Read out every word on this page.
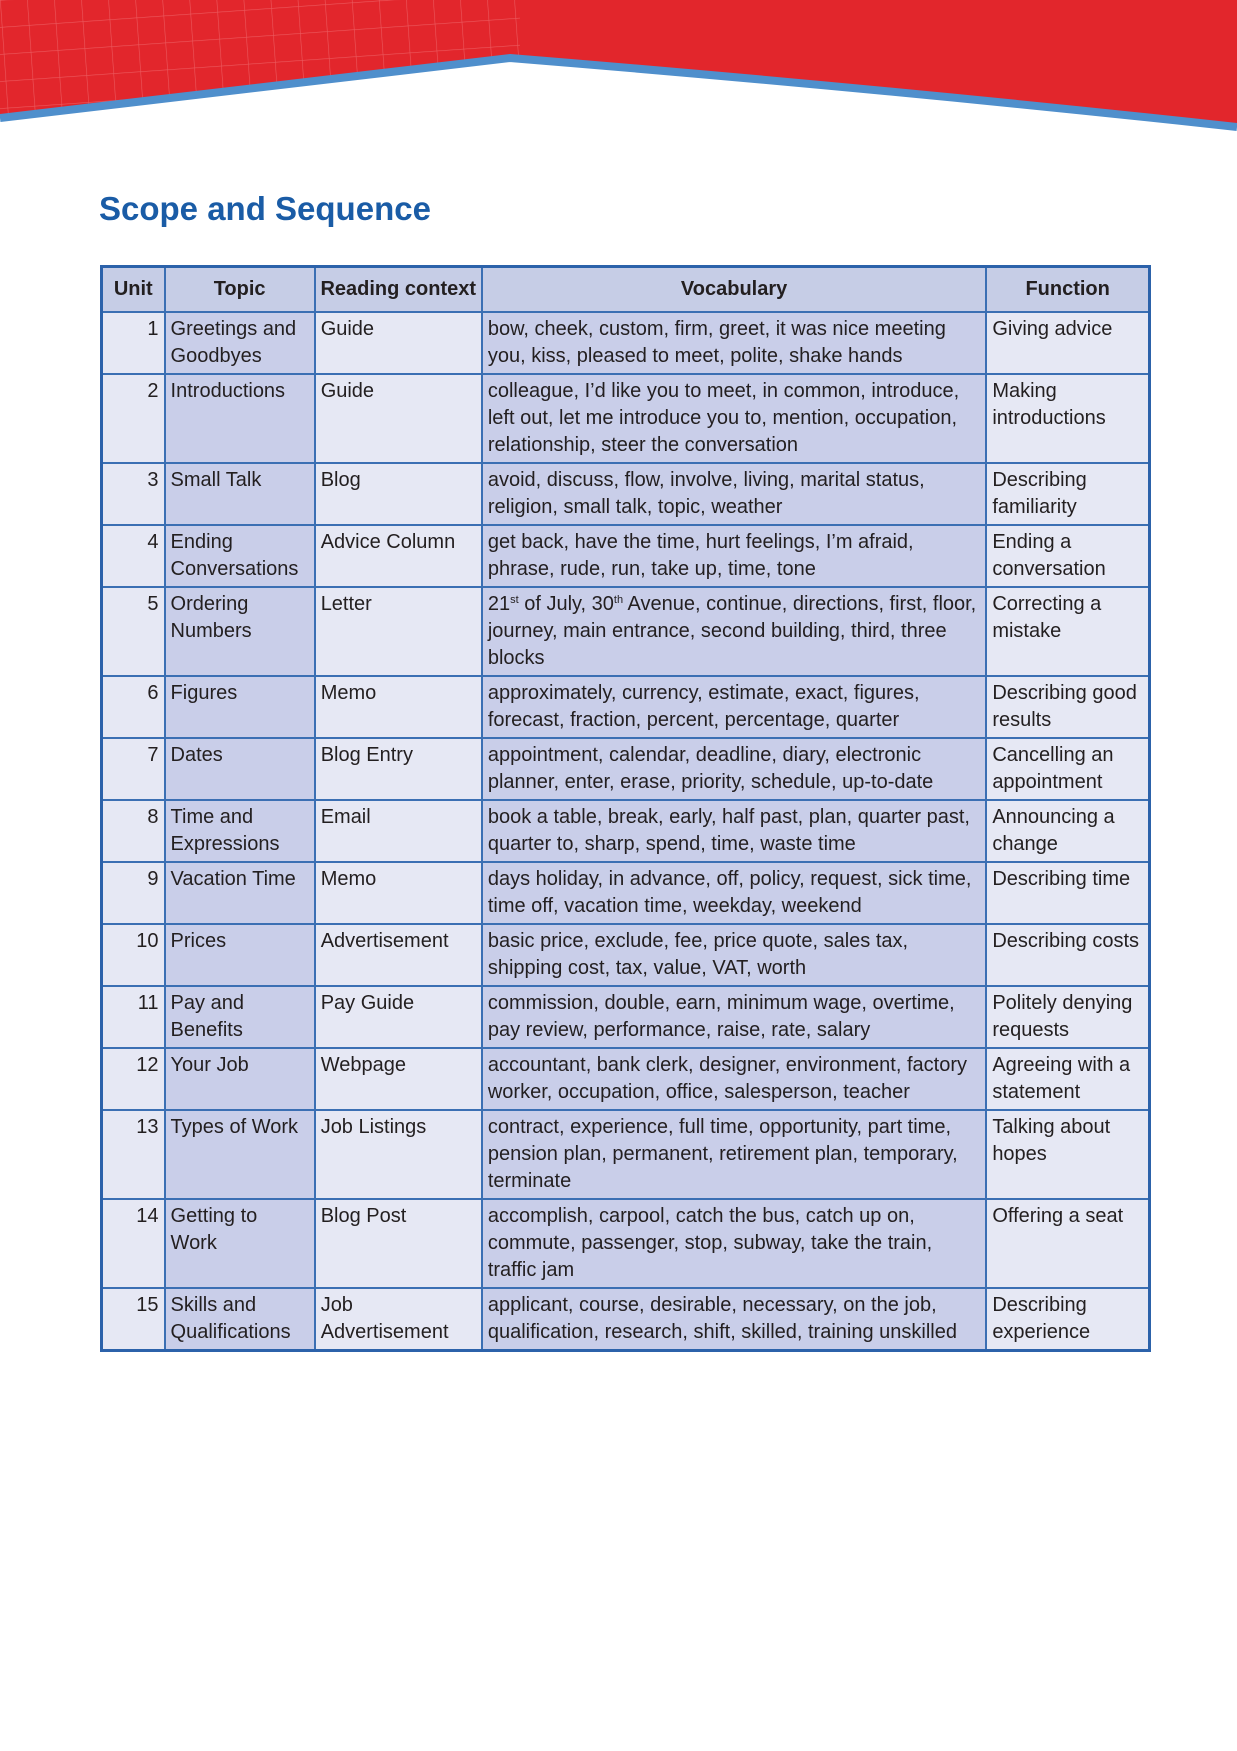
Scope and Sequence
Unit	Topic	Reading context	Vocabulary	Function
1	Greetings and Goodbyes	Guide	bow, cheek, custom, firm, greet, it was nice meeting you, kiss, pleased to meet, polite, shake hands	Giving advice
2	Introductions	Guide	colleague, I’d like you to meet, in common, introduce, left out, let me introduce you to, mention, occupation, relationship, steer the conversation	Making introductions
3	Small Talk	Blog	avoid, discuss, flow, involve, living, marital status, religion, small talk, topic, weather	Describing familiarity
4	Ending Conversations	Advice Column	get back, have the time, hurt feelings, I’m afraid, phrase, rude, run, take up, time, tone	Ending a conversation
5	Ordering Numbers	Letter	21st of July, 30th Avenue, continue, directions, first, floor, journey, main entrance, second building, third, three blocks	Correcting a mistake
6	Figures	Memo	approximately, currency, estimate, exact, figures, forecast, fraction, percent, percentage, quarter	Describing good results
7	Dates	Blog Entry	appointment, calendar, deadline, diary, electronic planner, enter, erase, priority, schedule, up-to-date	Cancelling an appointment
8	Time and Expressions	Email	book a table, break, early, half past, plan, quarter past, quarter to, sharp, spend, time, waste time	Announcing a change
9	Vacation Time	Memo	days holiday, in advance, off, policy, request, sick time, time off, vacation time, weekday, weekend	Describing time
10	Prices	Advertisement	basic price, exclude, fee, price quote, sales tax, shipping cost, tax, value, VAT, worth	Describing costs
11	Pay and Benefits	Pay Guide	commission, double, earn, minimum wage, overtime, pay review, performance, raise, rate, salary	Politely denying requests
12	Your Job	Webpage	accountant, bank clerk, designer, environment, factory worker, occupation, office, salesperson, teacher	Agreeing with a statement
13	Types of Work	Job Listings	contract, experience, full time, opportunity, part time, pension plan, permanent, retirement plan, temporary, terminate	Talking about hopes
14	Getting to Work	Blog Post	accomplish, carpool, catch the bus, catch up on, commute, passenger, stop, subway, take the train, traffic jam	Offering a seat
15	Skills and Qualifications	Job Advertisement	applicant, course, desirable, necessary, on the job, qualification, research, shift, skilled, training unskilled	Describing experience
